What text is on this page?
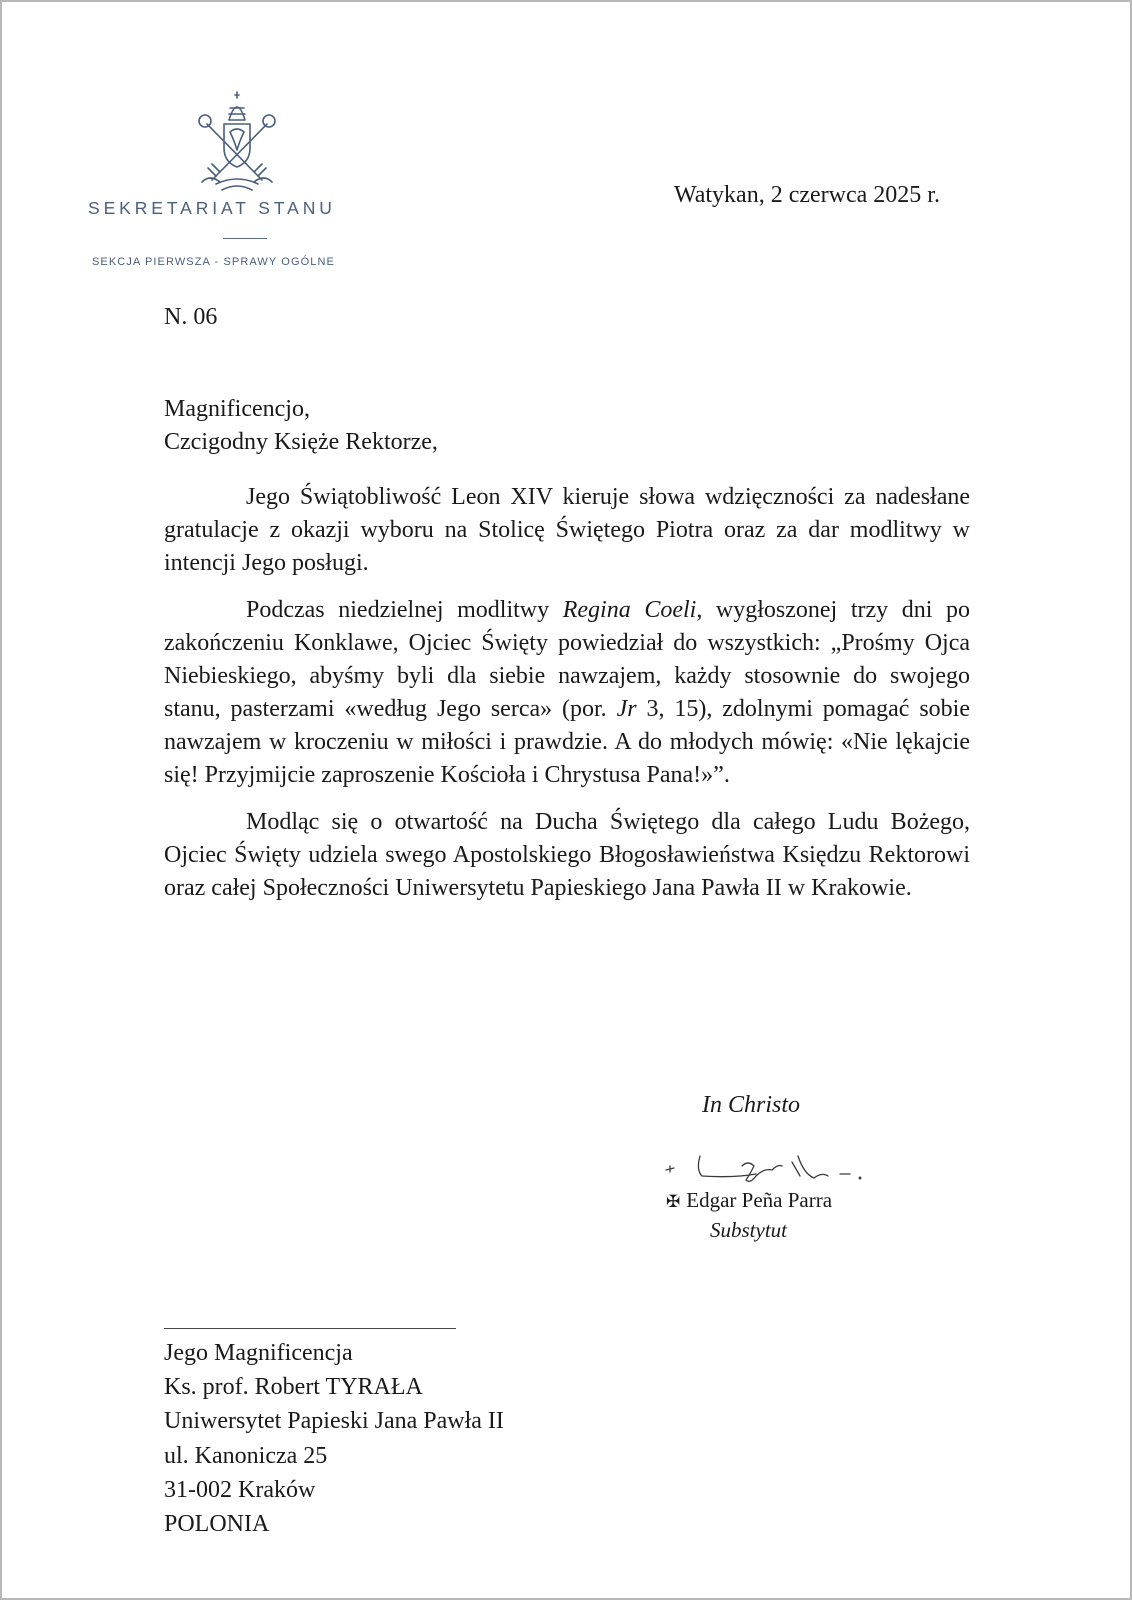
SEKRETARIAT STANU
SEKCJA PIERWSZA - SPRAWY OGÓLNE
Watykan, 2 czerwca 2025 r.
N. 06
Magnificencjo,
Czcigodny Księże Rektorze,

Jego Świątobliwość Leon XIV kieruje słowa wdzięczności za nadesłane gratulacje z okazji wyboru na Stolicę Świętego Piotra oraz za dar modlitwy w intencji Jego posługi.

Podczas niedzielnej modlitwy Regina Coeli, wygłoszonej trzy dni po zakończeniu Konklawe, Ojciec Święty powiedział do wszystkich: „Prośmy Ojca Niebieskiego, abyśmy byli dla siebie nawzajem, każdy stosownie do swojego stanu, pasterzami «według Jego serca» (por. Jr 3, 15), zdolnymi pomagać sobie nawzajem w kroczeniu w miłości i prawdzie. A do młodych mówię: «Nie lękajcie się! Przyjmijcie zaproszenie Kościoła i Chrystusa Pana!»”.

Modląc się o otwartość na Ducha Świętego dla całego Ludu Bożego, Ojciec Święty udziela swego Apostolskiego Błogosławieństwa Księdzu Rektorowi oraz całej Społeczności Uniwersytetu Papieskiego Jana Pawła II w Krakowie.

In Christo
✠ Edgar Peña Parra
Substytut
Jego Magnificencja
Ks. prof. Robert TYRAŁA
Uniwersytet Papieski Jana Pawła II
ul. Kanonicza 25
31-002 Kraków
POLONIA
